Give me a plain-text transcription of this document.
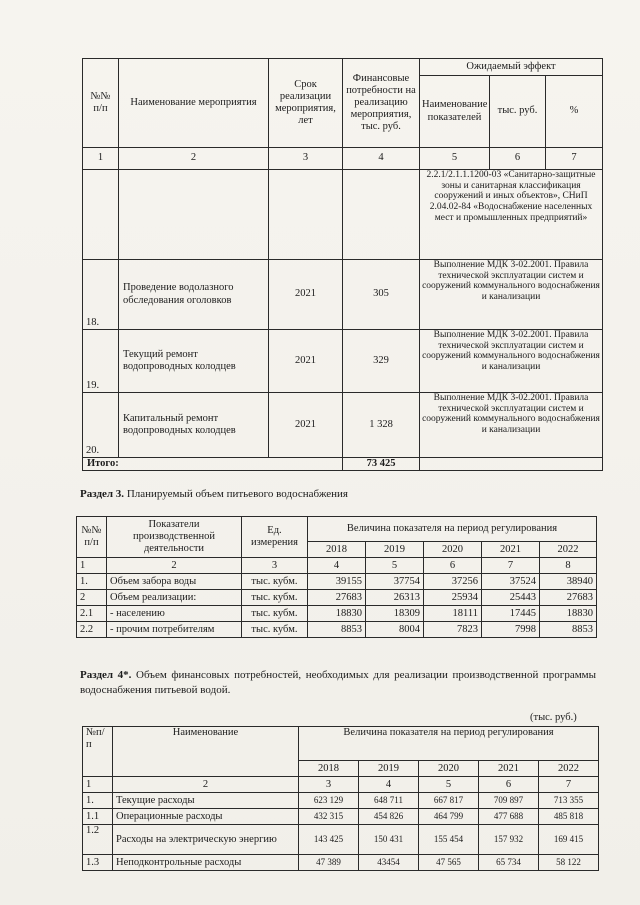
№№ п/п	Наименование мероприятия	Срок реализации мероприятия, лет	Финансовые потребности на реализацию мероприятия, тыс. руб.	Ожидаемый эффект		
				Наименование показателей	тыс. руб.	%
1	2	3	4	5	6	7
				2.2.1/2.1.1.1200-03 «Санитарно-защитные зоны и санитарная классификация сооружений и иных объектов», СНиП 2.04.02-84 «Водоснабжение населенных мест и промышленных предприятий»		
18.	Проведение водолазного обследования оголовков	2021	305	Выполнение МДК 3-02.2001. Правила технической эксплуатации систем и сооружений коммунального водоснабжения и канализации		
19.	Текущий ремонт водопроводных колодцев	2021	329	Выполнение МДК 3-02.2001. Правила технической эксплуатации систем и сооружений коммунального водоснабжения и канализации		
20.	Капитальный ремонт водопроводных колодцев	2021	1 328	Выполнение МДК 3-02.2001. Правила технической эксплуатации систем и сооружений коммунального водоснабжения и канализации		
Итого:			73 425			
Раздел 3. Планируемый объем питьевого водоснабжения
№№ п/п	Показатели производственной деятельности	Ед. измерения	Величина показателя на период регулирования				
			2018	2019	2020	2021	2022
1	2	3	4	5	6	7	8
1.	Объем забора воды	тыс. кубм.	39155	37754	37256	37524	38940
2	Объем реализации:	тыс. кубм.	27683	26313	25934	25443	27683
2.1	- населению	тыс. кубм.	18830	18309	18111	17445	18830
2.2	- прочим потребителям	тыс. кубм.	8853	8004	7823	7998	8853
Раздел 4*. Объем финансовых потребностей, необходимых для реализации производственной программы водоснабжения питьевой водой.
(тыс. руб.)
№п/п	Наименование	Величина показателя на период регулирования				
		2018	2019	2020	2021	2022
1	2	3	4	5	6	7
1.	Текущие расходы	623 129	648 711	667 817	709 897	713 355
1.1	Операционные расходы	432 315	454 826	464 799	477 688	485 818
1.2	Расходы на электрическую энергию	143 425	150 431	155 454	157 932	169 415
1.3	Неподконтрольные расходы	47 389	43454	47 565	65 734	58 122
